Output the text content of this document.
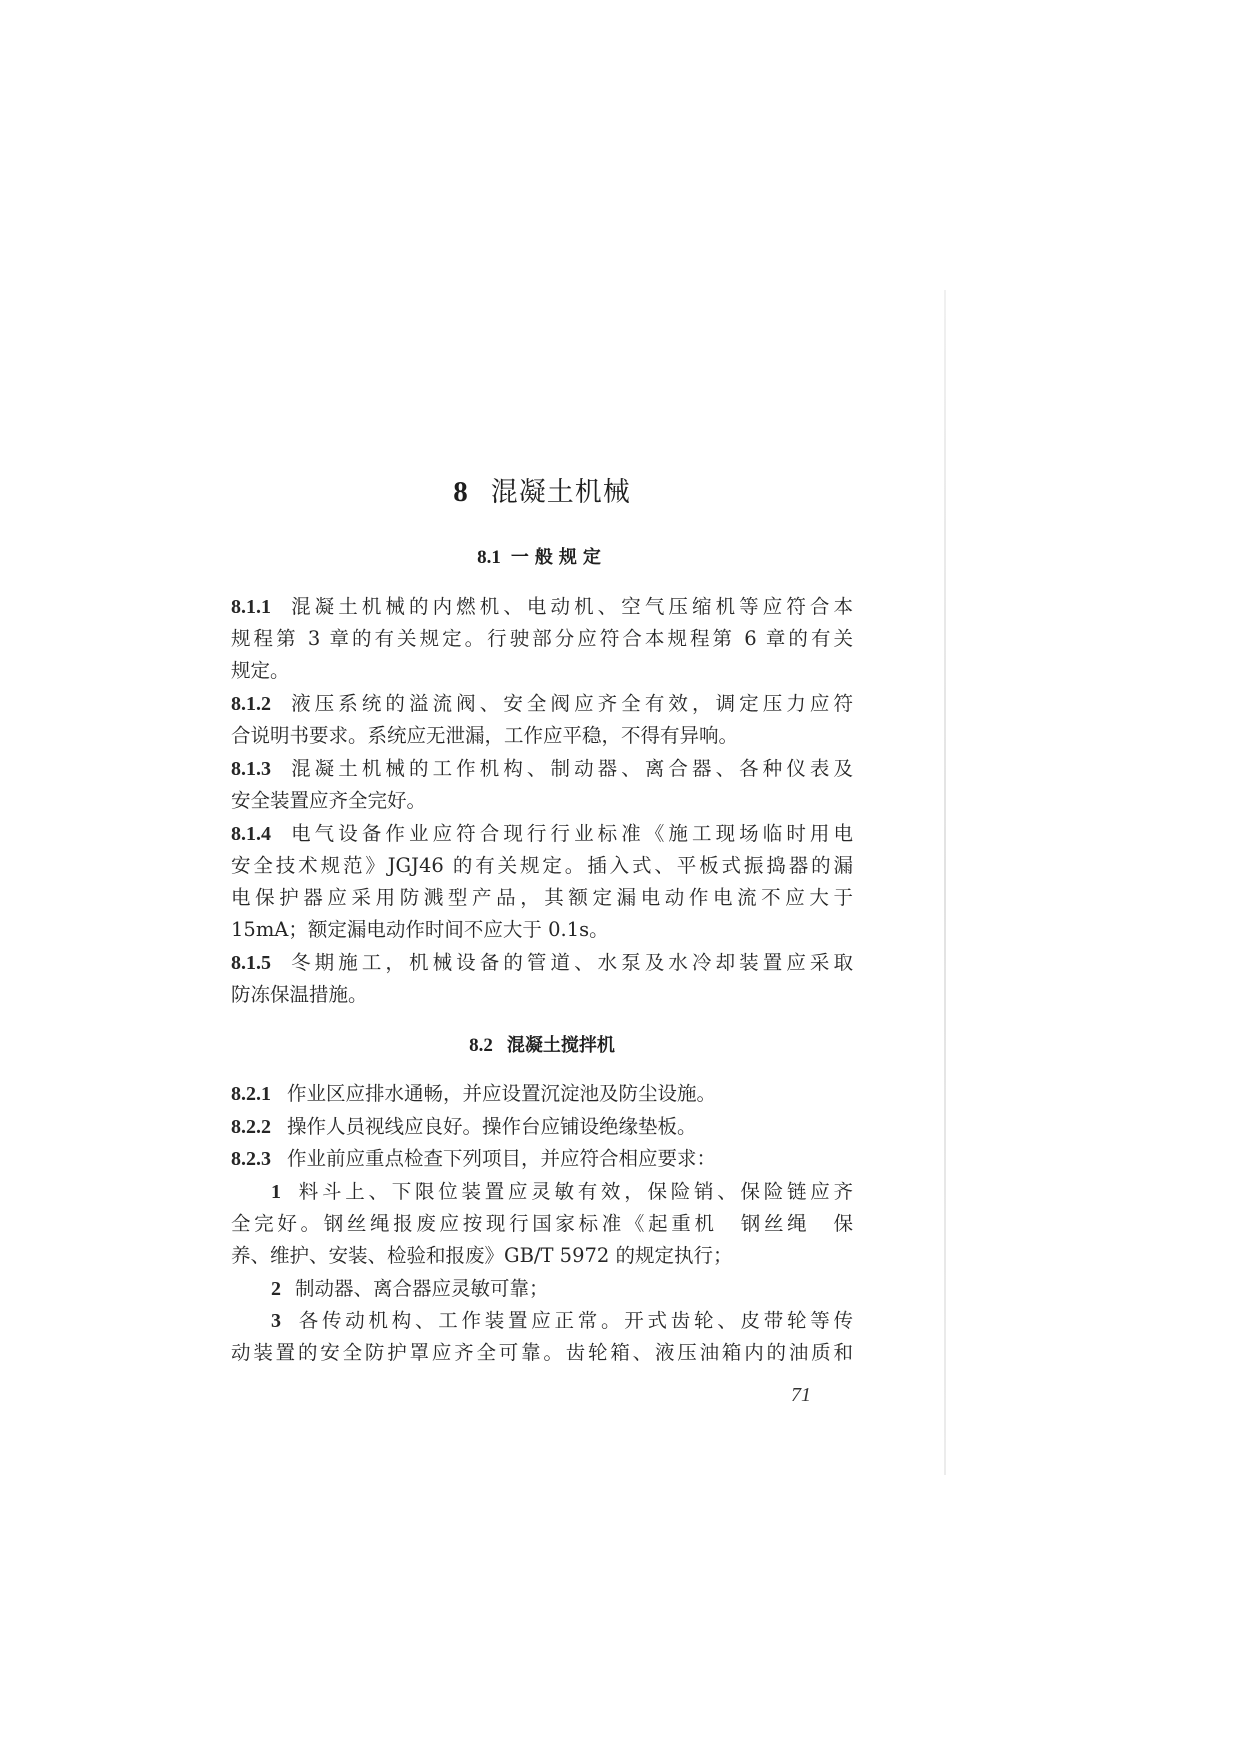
8 混凝土机械
8.1 一般规定
8.1.1 混凝土机械的内燃机、电动机、空气压缩机等应符合本
规程第 3 章的有关规定。行驶部分应符合本规程第 6 章的有关
规定。
8.1.2 液压系统的溢流阀、安全阀应齐全有效，调定压力应符
合说明书要求。系统应无泄漏，工作应平稳，不得有异响。
8.1.3 混凝土机械的工作机构、制动器、离合器、各种仪表及
安全装置应齐全完好。
8.1.4 电气设备作业应符合现行行业标准《施工现场临时用电
安全技术规范》JGJ46 的有关规定。插入式、平板式振捣器的漏
电保护器应采用防溅型产品，其额定漏电动作电流不应大于
15mA；额定漏电动作时间不应大于 0.1s。
8.1.5 冬期施工，机械设备的管道、水泵及水冷却装置应采取
防冻保温措施。
8.2 混凝土搅拌机
8.2.1 作业区应排水通畅，并应设置沉淀池及防尘设施。
8.2.2 操作人员视线应良好。操作台应铺设绝缘垫板。
8.2.3 作业前应重点检查下列项目，并应符合相应要求：
1 料斗上、下限位装置应灵敏有效，保险销、保险链应齐
全完好。钢丝绳报废应按现行国家标准《起重机　钢丝绳　保
养、维护、安装、检验和报废》GB/T 5972 的规定执行；
2 制动器、离合器应灵敏可靠；
3 各传动机构、工作装置应正常。开式齿轮、皮带轮等传
动装置的安全防护罩应齐全可靠。齿轮箱、液压油箱内的油质和
71
